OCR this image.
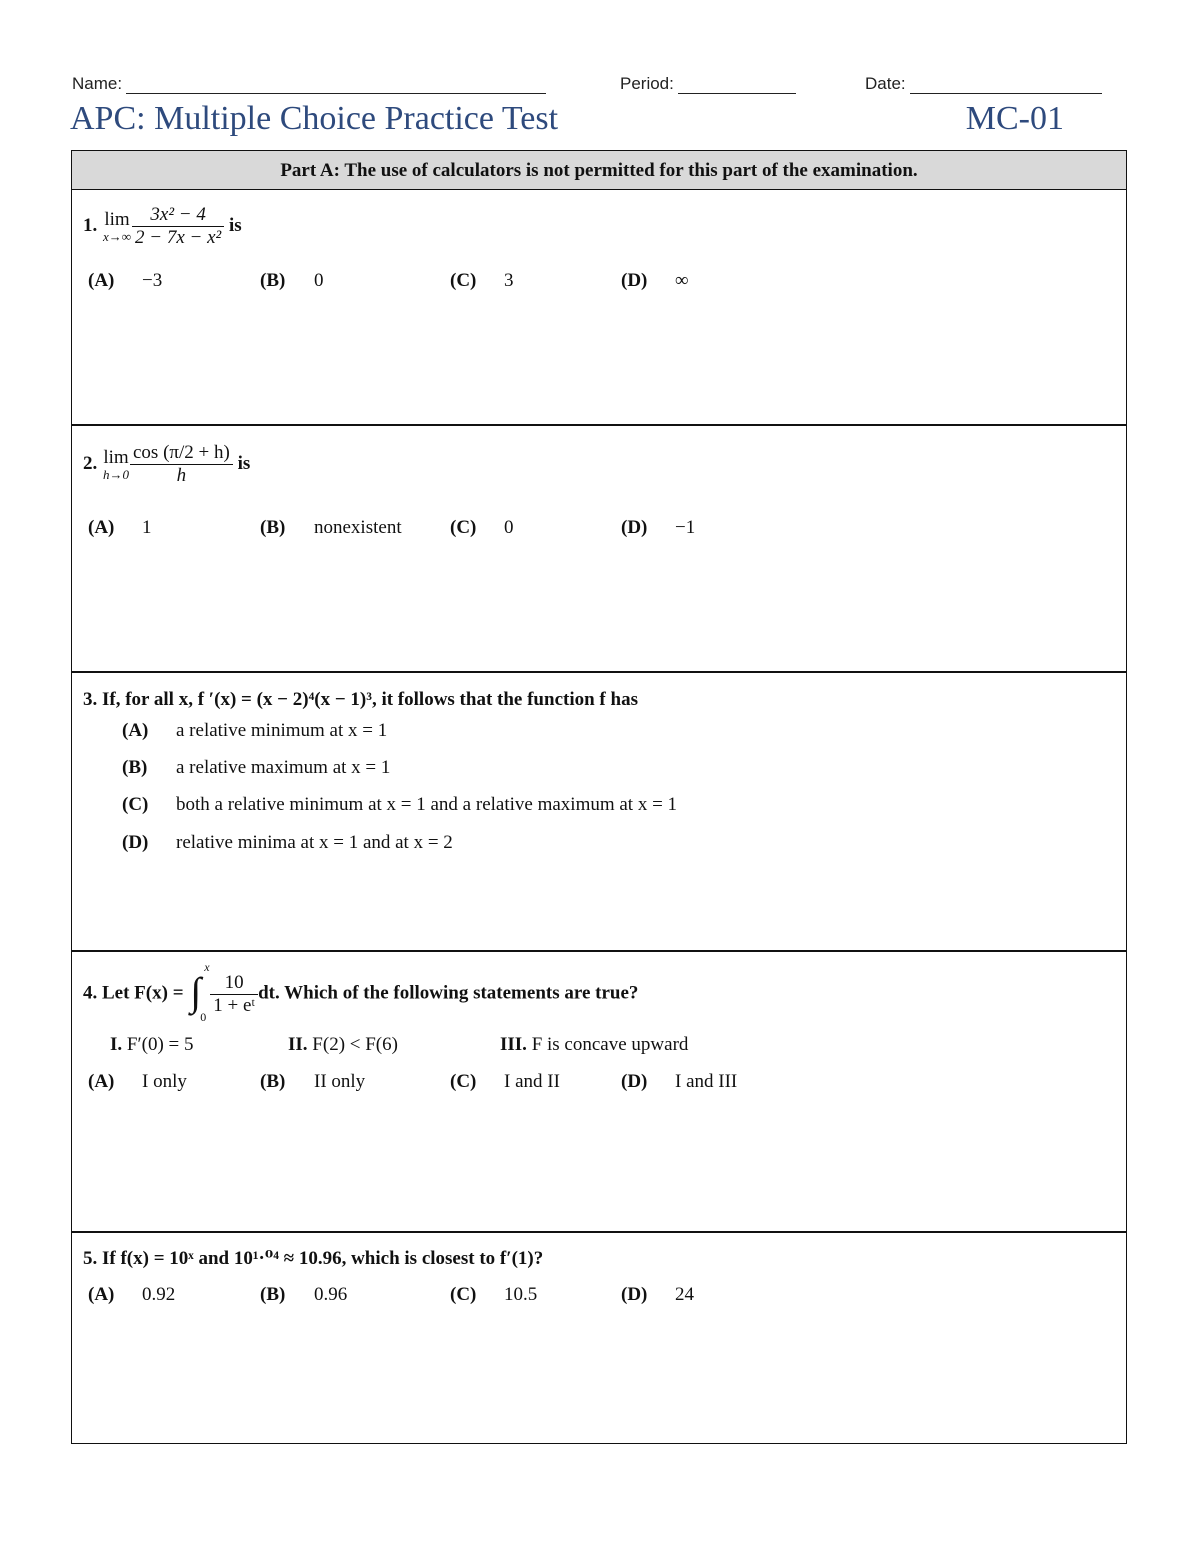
Name:	Period:	Date:
APC: Multiple Choice Practice Test	MC-01
Part A: The use of calculators is not permitted for this part of the examination.
1. lim
$x\to\infty \frac{\text{3x² − 4}}{\text{2 − 7x − x²}}$ is
(A) −3	(B) 0	(C) 3	(D) ∞
2. lim
$h\to 0 \frac{\cos (\pi/2 + h)}{h}$ is
(A) 1	(B) nonexistent	(C) 0	(D) −1
3. If, for all x, f ′(x) = (x − 2)⁴(x − 1)³, it follows that the function f has
(A) a relative minimum at x = 1
(B) a relative maximum at x = 1
(C) both a relative minimum at x = 1 and a relative maximum at x = 1
(D) relative minima at x = 1 and at x = 2
4. Let F(x) = ∫
x
0
$\frac{10}{\text{1 + eᵗ}}$ dt. Which of the following statements are true?
I. F′(0) = 5	II. F(2) < F(6)	III. F is concave upward
(A) I only	(B) II only	(C) I and II	(D) I and III
5. If f(x) = 10ˣ and 10¹·⁰⁴ ≈ 10.96, which is closest to f′(1)?
(A) 0.92	(B) 0.96	(C) 10.5	(D) 24
